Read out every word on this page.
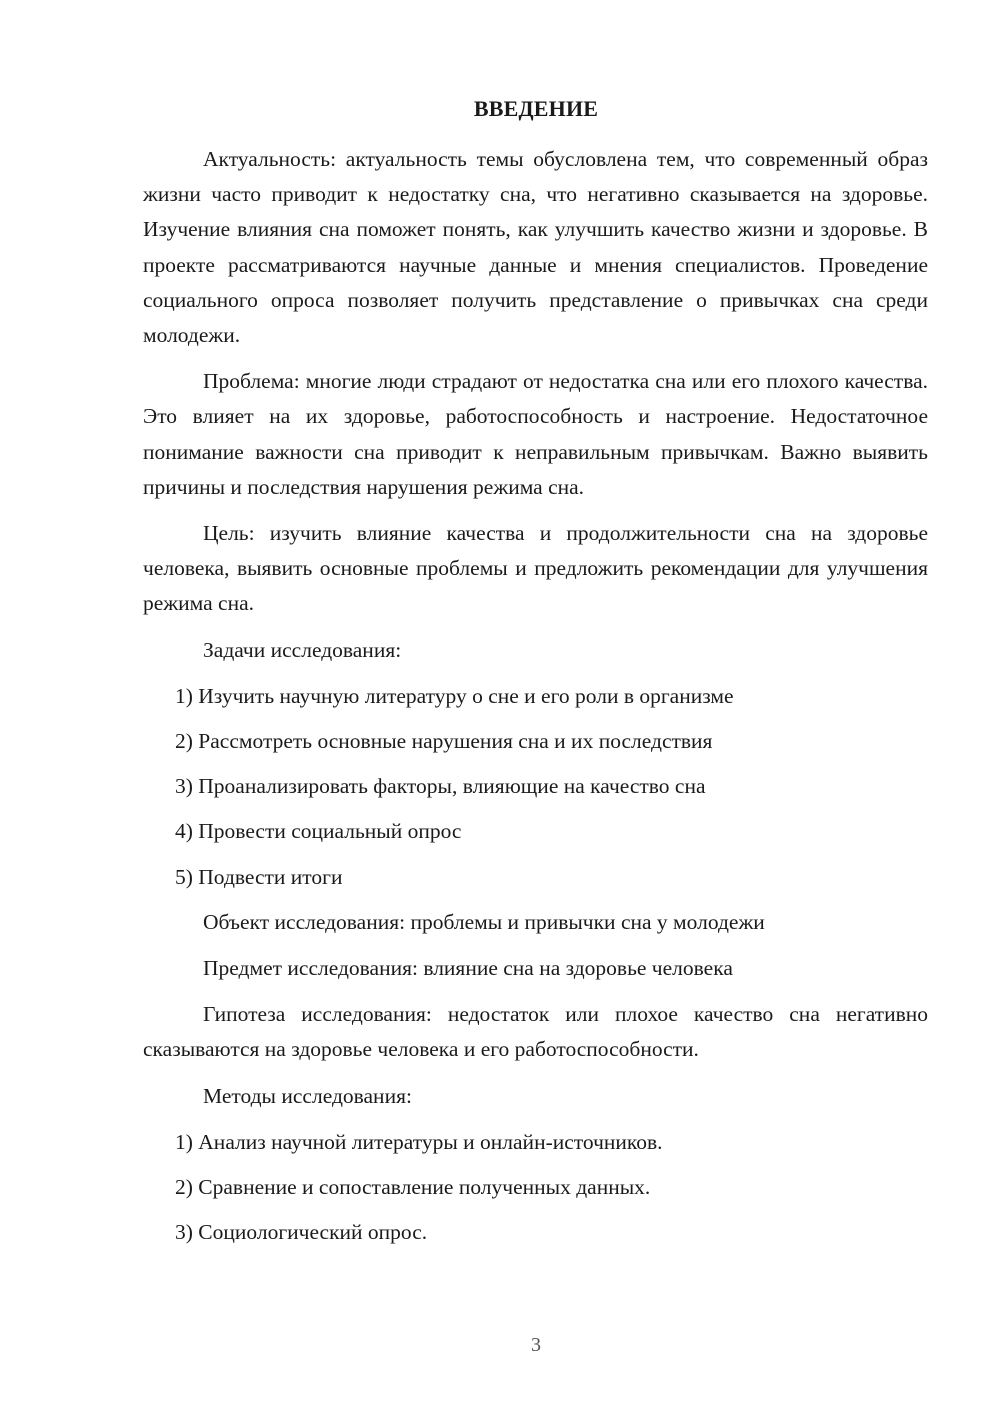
ВВЕДЕНИЕ

Актуальность: актуальность темы обусловлена тем, что современный образ жизни часто приводит к недостатку сна, что негативно сказывается на здоровье. Изучение влияния сна поможет понять, как улучшить качество жизни и здоровье. В проекте рассматриваются научные данные и мнения специалистов. Проведение социального опроса позволяет получить представление о привычках сна среди молодежи.

Проблема: многие люди страдают от недостатка сна или его плохого качества. Это влияет на их здоровье, работоспособность и настроение. Недостаточное понимание важности сна приводит к неправильным привычкам. Важно выявить причины и последствия нарушения режима сна.

Цель: изучить влияние качества и продолжительности сна на здоровье человека, выявить основные проблемы и предложить рекомендации для улучшения режима сна.

Задачи исследования:

1) Изучить научную литературу о сне и его роли в организме
2) Рассмотреть основные нарушения сна и их последствия
3) Проанализировать факторы, влияющие на качество сна
4) Провести социальный опрос
5) Подвести итоги

Объект исследования: проблемы и привычки сна у молодежи

Предмет исследования: влияние сна на здоровье человека

Гипотеза исследования: недостаток или плохое качество сна негативно сказываются на здоровье человека и его работоспособности.

Методы исследования:

1) Анализ научной литературы и онлайн-источников.
2) Сравнение и сопоставление полученных данных.
3) Социологический опрос.
3
